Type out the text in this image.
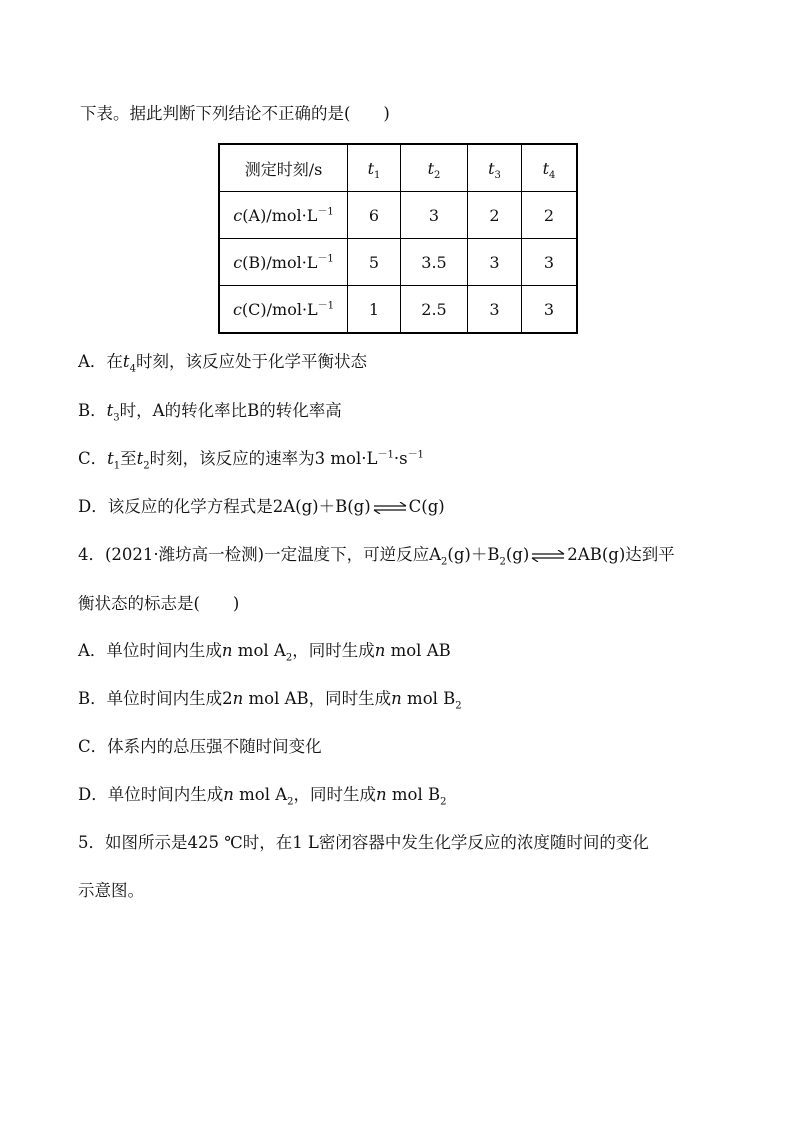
下表。据此判断下列结论不正确的是(　　)
测定时刻/s	$t_1$	$t_2$	$t_3$	$t_4$
$c(A)/mol\cdot L^{-1}$	6	3	2	2
$c(B)/mol\cdot L^{-1}$	5	3.5	3	3
$c(C)/mol\cdot L^{-1}$	1	2.5	3	3
A．在$t_4$时刻，该反应处于化学平衡状态
B．$t_3$时，A的转化率比B的转化率高
C．$t_1$至$t_2$时刻，该反应的速率为3 $mol\cdot L^{-1}\cdot s^{-1}$
D．该反应的化学方程式是2A(g)＋B(g) ⇌ C(g)
4．(2021·潍坊高一检测)一定温度下，可逆反应$A_2(g)+B_2(g)$ ⇌ 2AB(g)达到平
衡状态的标志是(　　)
A．单位时间内生成n mol $A_2$，同时生成n mol AB
B．单位时间内生成2n mol AB，同时生成n mol $B_2$
C．体系内的总压强不随时间变化
D．单位时间内生成n mol $A_2$，同时生成n mol $B_2$
5．如图所示是425 ℃时，在1 L密闭容器中发生化学反应的浓度随时间的变化
示意图。
